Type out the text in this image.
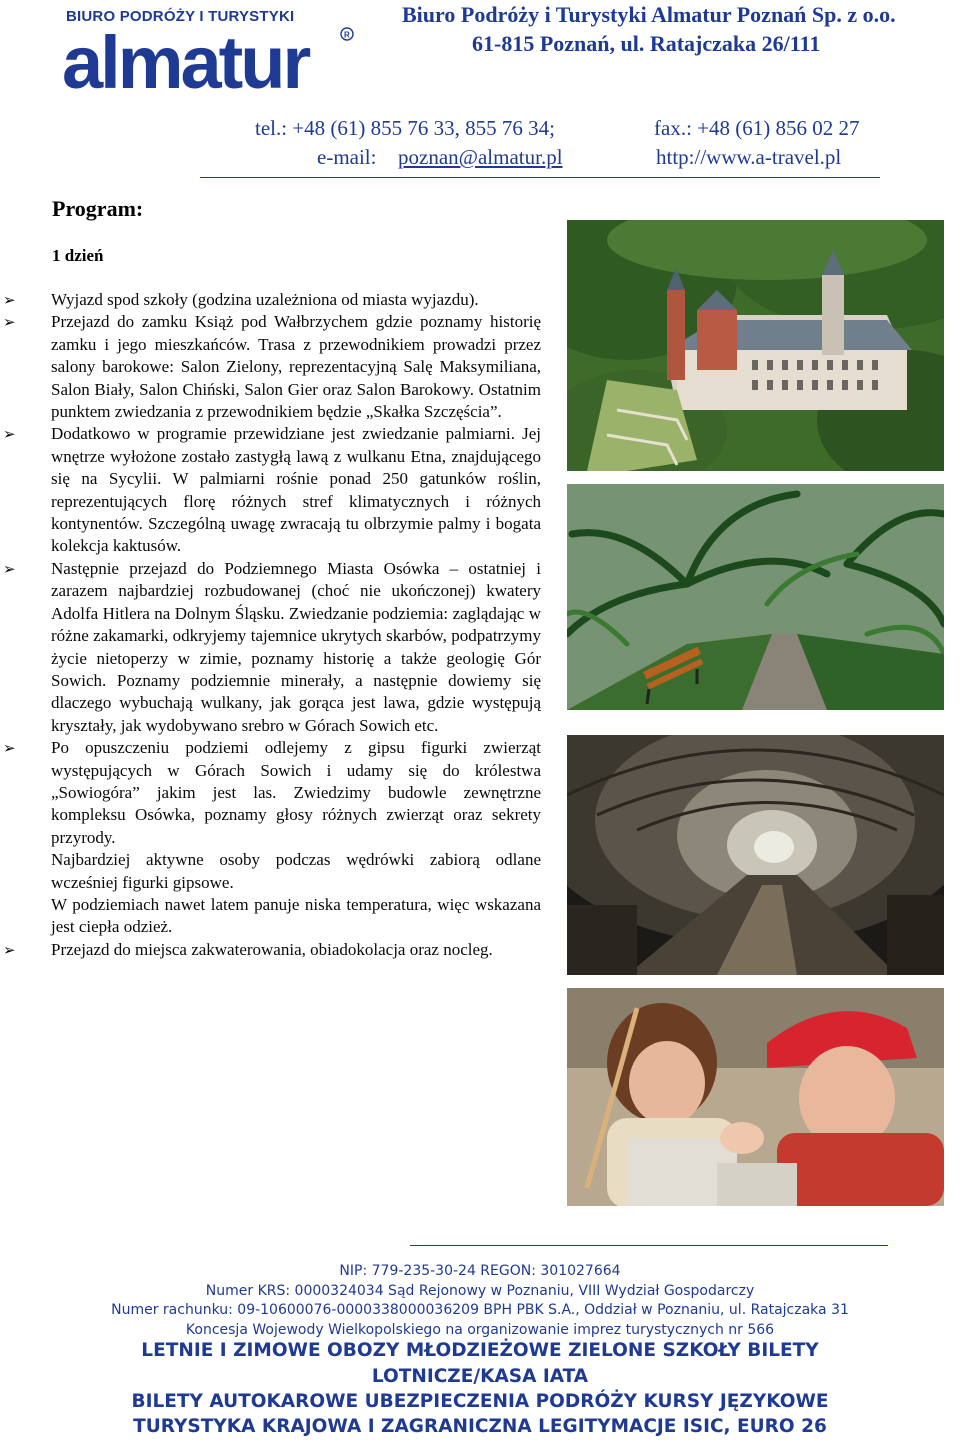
BIURO PODRÓŻY I TURYSTYKI
almatur	R
Biuro Podróży i Turystyki Almatur Poznań Sp. z o.o.
61-815 Poznań, ul. Ratajczaka 26/111
tel.: +48 (61) 855 76 33, 855 76 34;	fax.: +48 (61) 856 02 27
e-mail: poznan@almatur.pl	http://www.a-travel.pl
Program:
1 dzień
➢ Wyjazd spod szkoły (godzina uzależniona od miasta wyjazdu).
➢ Przejazd do zamku Książ pod Wałbrzychem gdzie poznamy historię zamku i jego mieszkańców. Trasa z przewodnikiem prowadzi przez salony barokowe: Salon Zielony, reprezentacyjną Salę Maksymiliana, Salon Biały, Salon Chiński, Salon Gier oraz Salon Barokowy. Ostatnim punktem zwiedzania z przewodnikiem będzie „Skałka Szczęścia”.
➢ Dodatkowo w programie przewidziane jest zwiedzanie palmiarni. Jej wnętrze wyłożone zostało zastygłą lawą z wulkanu Etna, znajdującego się na Sycylii. W palmiarni rośnie ponad 250 gatunków roślin, reprezentujących florę różnych stref klimatycznych i różnych kontynentów. Szczególną uwagę zwracają tu olbrzymie palmy i bogata kolekcja kaktusów.
➢ Następnie przejazd do Podziemnego Miasta Osówka – ostatniej i zarazem najbardziej rozbudowanej (choć nie ukończonej) kwatery Adolfa Hitlera na Dolnym Śląsku. Zwiedzanie podziemia: zaglądając w różne zakamarki, odkryjemy tajemnice ukrytych skarbów, podpatrzymy życie nietoperzy w zimie, poznamy historię a także geologię Gór Sowich. Poznamy podziemnie minerały, a następnie dowiemy się dlaczego wybuchają wulkany, jak gorąca jest lawa, gdzie występują kryształy, jak wydobywano srebro w Górach Sowich etc.
➢ Po opuszczeniu podziemi odlejemy z gipsu figurki zwierząt występujących w Górach Sowich i udamy się do królestwa „Sowiogóra” jakim jest las. Zwiedzimy budowle zewnętrzne kompleksu Osówka, poznamy głosy różnych zwierząt oraz sekrety przyrody.
Najbardziej aktywne osoby podczas wędrówki zabiorą odlane wcześniej figurki gipsowe.
W podziemiach nawet latem panuje niska temperatura, więc wskazana jest ciepła odzież.
➢ Przejazd do miejsca zakwaterowania, obiadokolacja oraz nocleg.
NIP: 779-235-30-24 REGON: 301027664
Numer KRS: 0000324034 Sąd Rejonowy w Poznaniu, VIII Wydział Gospodarczy
Numer rachunku: 09-10600076-0000338000036209 BPH PBK S.A., Oddział w Poznaniu, ul. Ratajczaka 31
Koncesja Wojewody Wielkopolskiego na organizowanie imprez turystycznych nr 566
LETNIE I ZIMOWE OBOZY MŁODZIEŻOWE ZIELONE SZKOŁY BILETY
LOTNICZE/KASA IATA
BILETY AUTOKAROWE UBEZPIECZENIA PODRÓŻY KURSY JĘZYKOWE
TURYSTYKA KRAJOWA I ZAGRANICZNA LEGITYMACJE ISIC, EURO 26
